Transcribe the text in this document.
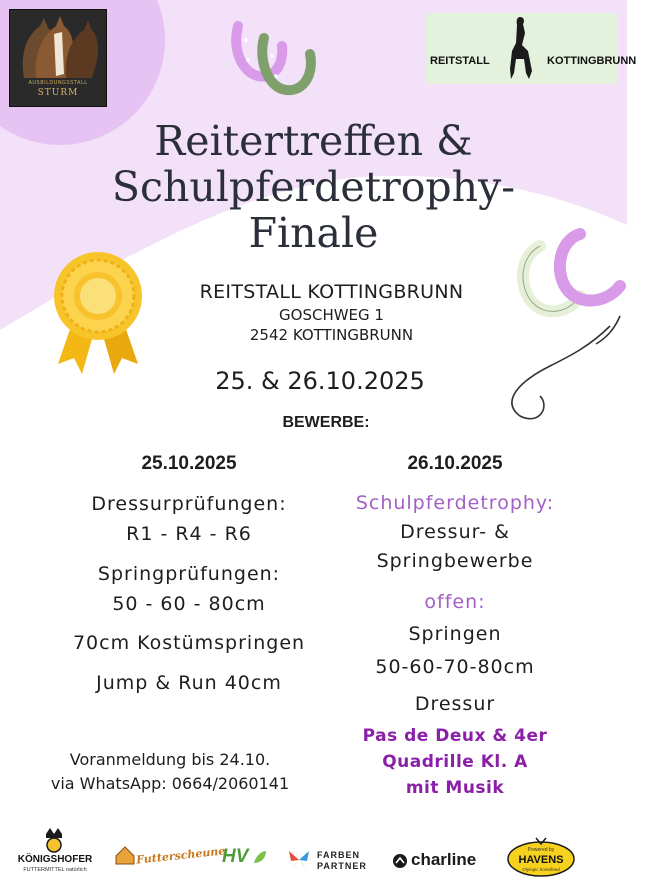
AUSBILDUNGSSTALL
STURM
REITSTALL	KOTTINGBRUNN
Reitertreffen &
Schulpferdetrophy-
Finale
REITSTALL KOTTINGBRUNN
GOSCHWEG 1
2542 KOTTINGBRUNN
25. & 26.10.2025
BEWERBE:
25.10.2025
Dressurprüfungen:
R1 - R4 - R6
Springprüfungen:
50 - 60 - 80cm
70cm Kostümspringen
Jump & Run 40cm
26.10.2025
Schulpferdetrophy:
Dressur- &
Springbewerbe
offen:
Springen
50-60-70-80cm
Dressur
Pas de Deux & 4er
Quadrille Kl. A
mit Musik
Voranmeldung bis 24.10.
via WhatsApp: 0664/2060141
KÖNIGSHOFER
FUTTERMITTEL natürlich
Futterscheune
HV	FARBEN
PARTNER	charline	Powered by
HAVENS
Olympic horsefeed
